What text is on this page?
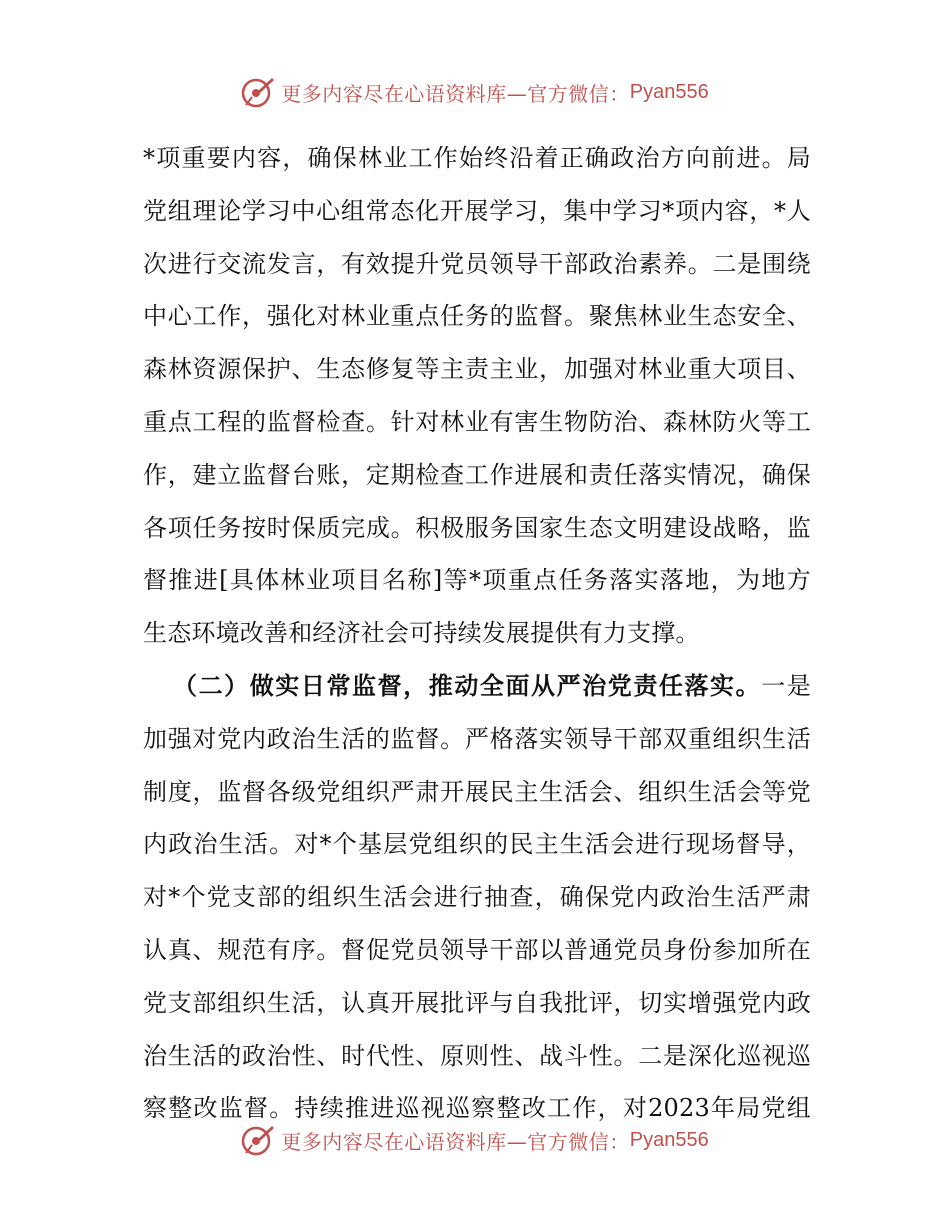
更多内容尽在心语资料库—官方微信： Pyan556
*项重要内容，确保林业工作始终沿着正确政治方向前进。局
党组理论学习中心组常态化开展学习，集中学习*项内容，*人
次进行交流发言，有效提升党员领导干部政治素养。二是围绕
中心工作，强化对林业重点任务的监督。聚焦林业生态安全、
森林资源保护、生态修复等主责主业，加强对林业重大项目、
重点工程的监督检查。针对林业有害生物防治、森林防火等工
作，建立监督台账，定期检查工作进展和责任落实情况，确保
各项任务按时保质完成。积极服务国家生态文明建设战略，监
督推进[具体林业项目名称]等*项重点任务落实落地，为地方
生态环境改善和经济社会可持续发展提供有力支撑。
（二）做实日常监督，推动全面从严治党责任落实。一是
加强对党内政治生活的监督。严格落实领导干部双重组织生活
制度，监督各级党组织严肃开展民主生活会、组织生活会等党
内政治生活。对*个基层党组织的民主生活会进行现场督导，
对*个党支部的组织生活会进行抽查，确保党内政治生活严肃
认真、规范有序。督促党员领导干部以普通党员身份参加所在
党支部组织生活，认真开展批评与自我批评，切实增强党内政
治生活的政治性、时代性、原则性、战斗性。二是深化巡视巡
察整改监督。持续推进巡视巡察整改工作，对2023年局党组
更多内容尽在心语资料库—官方微信： Pyan556
